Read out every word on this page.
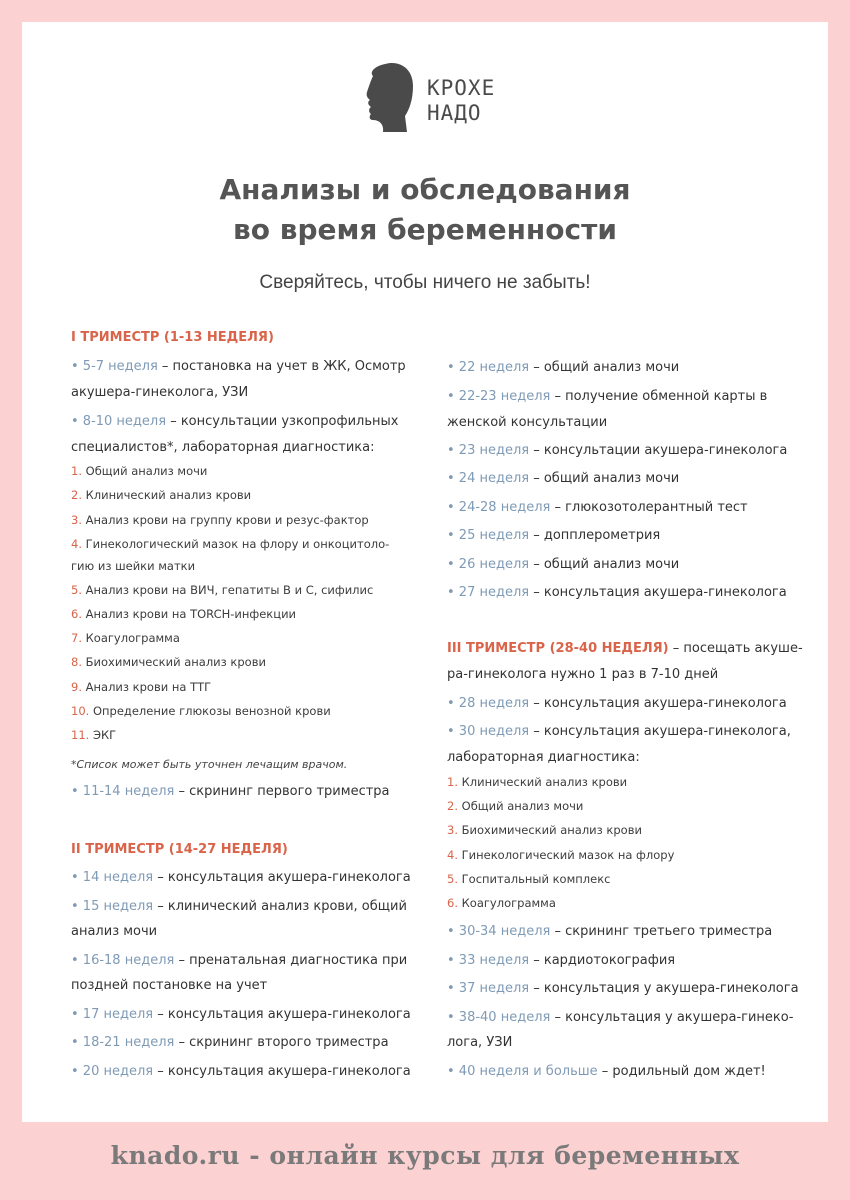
КРОХЕ
НАДО
Анализы и обследования
во время беременности
Сверяйтесь, чтобы ничего не забыть!
I ТРИМЕСТР (1-13 НЕДЕЛЯ)
• 5-7 неделя – постановка на учет в ЖК, Осмотр
акушера-гинеколога, УЗИ
• 8-10 неделя – консультации узкопрофильных
специалистов*, лабораторная диагностика:
1. Общий анализ мочи
2. Клинический анализ крови
3. Анализ крови на группу крови и резус-фактор
4. Гинекологический мазок на флору и онкоцитоло-
гию из шейки матки
5. Анализ крови на ВИЧ, гепатиты В и С, сифилис
6. Анализ крови на TORCH-инфекции
7. Коагулограмма
8. Биохимический анализ крови
9. Анализ крови на ТТГ
10. Определение глюкозы венозной крови
11. ЭКГ
*Список может быть уточнен лечащим врачом.
• 11-14 неделя – скрининг первого триместра
II ТРИМЕСТР (14-27 НЕДЕЛЯ)
• 14 неделя – консультация акушера-гинеколога
• 15 неделя – клинический анализ крови, общий
анализ мочи
• 16-18 неделя – пренатальная диагностика при
поздней постановке на учет
• 17 неделя – консультация акушера-гинеколога
• 18-21 неделя – скрининг второго триместра
• 20 неделя – консультация акушера-гинеколога
• 22 неделя – общий анализ мочи
• 22-23 неделя – получение обменной карты в
женской консультации
• 23 неделя – консультации акушера-гинеколога
• 24 неделя – общий анализ мочи
• 24-28 неделя – глюкозотолерантный тест
• 25 неделя – допплерометрия
• 26 неделя – общий анализ мочи
• 27 неделя – консультация акушера-гинеколога
III ТРИМЕСТР (28-40 НЕДЕЛЯ) – посещать акуше-
ра-гинеколога нужно 1 раз в 7-10 дней
• 28 неделя – консультация акушера-гинеколога
• 30 неделя – консультация акушера-гинеколога,
лабораторная диагностика:
1. Клинический анализ крови
2. Общий анализ мочи
3. Биохимический анализ крови
4. Гинекологический мазок на флору
5. Госпитальный комплекс
6. Коагулограмма
• 30-34 неделя – скрининг третьего триместра
• 33 неделя – кардиотокография
• 37 неделя – консультация у акушера-гинеколога
• 38-40 неделя – консультация у акушера-гинеко-
лога, УЗИ
• 40 неделя и больше – родильный дом ждет!
knado.ru - онлайн курсы для беременных
